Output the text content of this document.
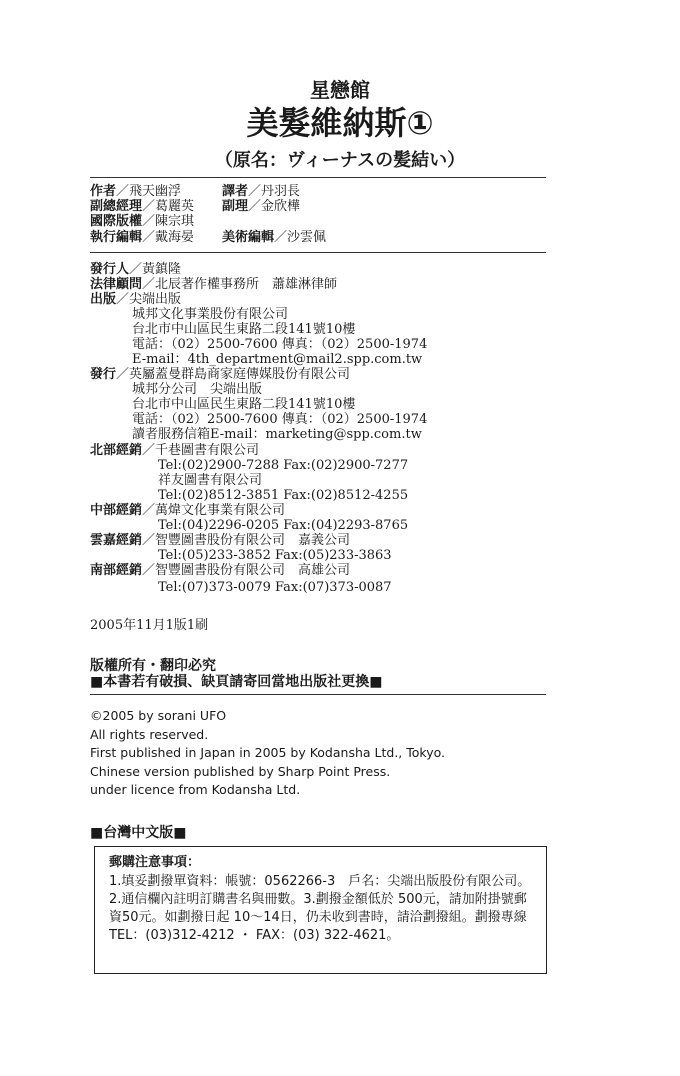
星戀館
美髮維納斯①
（原名：ヴィーナスの髪結い）
作者／飛天幽浮	譯者／丹羽長
副總經理／葛麗英 副理／金欣樺
國際版權／陳宗琪
執行編輯／戴海晏 美術編輯／沙雲佩
發行人／黃鎮隆
法律顧問／北辰著作權事務所　蕭雄淋律師
出版／尖端出版
城邦文化事業股份有限公司
台北市中山區民生東路二段141號10樓
電話：（02）2500-7600 傳真：（02）2500-1974
E-mail：4th_department@mail2.spp.com.tw
發行／英屬蓋曼群島商家庭傳媒股份有限公司
城邦分公司　尖端出版
台北市中山區民生東路二段141號10樓
電話：（02）2500-7600 傳真：（02）2500-1974
讀者服務信箱E-mail：marketing@spp.com.tw
北部經銷／千巷圖書有限公司
Tel:(02)2900-7288 Fax:(02)2900-7277
祥友圖書有限公司
Tel:(02)8512-3851 Fax:(02)8512-4255
中部經銷／萬煒文化事業有限公司
Tel:(04)2296-0205 Fax:(04)2293-8765
雲嘉經銷／智豐圖書股份有限公司　嘉義公司
Tel:(05)233-3852 Fax:(05)233-3863
南部經銷／智豐圖書股份有限公司　高雄公司
Tel:(07)373-0079 Fax:(07)373-0087
2005年11月1版1刷
版權所有・翻印必究
■本書若有破損、缺頁請寄回當地出版社更換■
©2005 by sorani UFO
All rights reserved.
First published in Japan in 2005 by Kodansha Ltd., Tokyo.
Chinese version published by Sharp Point Press.
under licence from Kodansha Ltd.
■台灣中文版■
郵購注意事項：
1.填妥劃撥單資料：帳號：0562266-3　戶名：尖端出版股份有限公司。2.通信欄內註明訂購書名與冊數。3.劃撥金額低於 500元，請加附掛號郵資50元。如劃撥日起 10～14日，仍未收到書時，請洽劃撥組。劃撥專線TEL：(03)312-4212 ・ FAX：(03) 322-4621。
